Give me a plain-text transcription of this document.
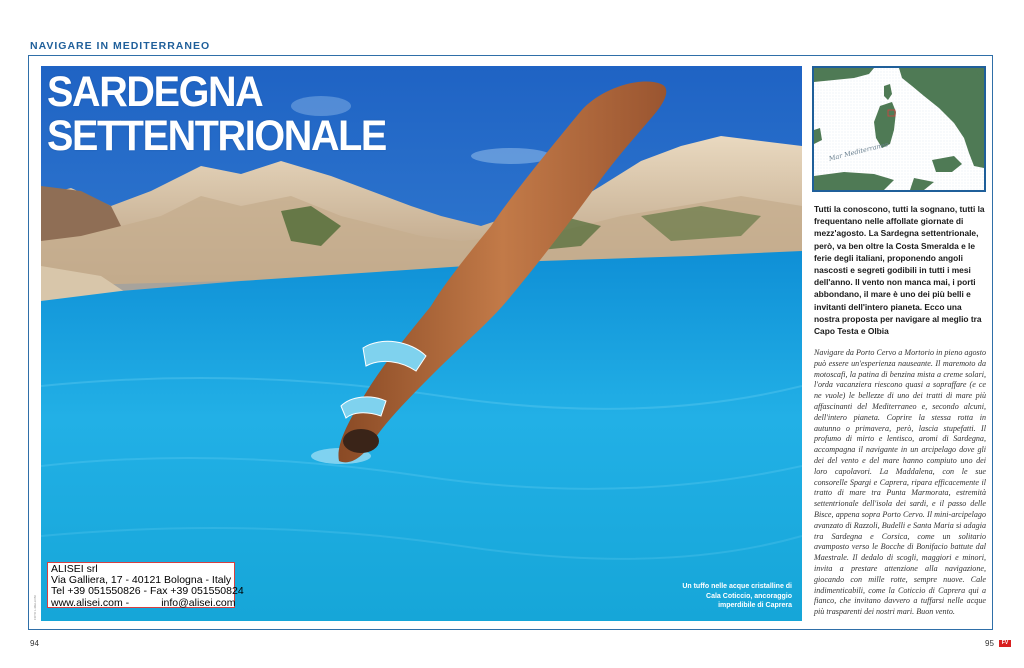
NAVIGARE IN MEDITERRANEO
SARDEGNA
SETTENTRIONALE
ALISEI srl
Via Galliera, 17 - 40121 Bologna - Italy
Tel +39 051550826 - Fax +39 051550824
www.alisei.com -	info@alisei.com
FOTO L.MELLONI
Un tuffo nelle acque cristalline di Cala Coticcio, ancoraggio imperdibile di Caprera
Mar Mediterraneo

Tutti la conoscono, tutti la sognano, tutti la frequentano nelle affollate giornate di mezz'agosto. La Sardegna settentrionale, però, va ben oltre la Costa Smeralda e le ferie degli italiani, proponendo angoli nascosti e segreti godibili in tutti i mesi dell'anno. Il vento non manca mai, i porti abbondano, il mare è uno dei più belli e invitanti dell'intero pianeta. Ecco una nostra proposta per navigare al meglio tra Capo Testa e Olbia

Navigare da Porto Cervo a Mortorio in pieno agosto può essere un'esperienza nauseante. Il maremoto da motoscafi, la patina di benzina mista a creme solari, l'orda vacanziera riescono quasi a sopraffare (e ce ne vuole) le bellezze di uno dei tratti di mare più affascinanti del Mediterraneo e, secondo alcuni, dell'intero pianeta. Coprire la stessa rotta in autunno o primavera, però, lascia stupefatti. Il profumo di mirto e lentisco, aromi di Sardegna, accompagna il navigante in un arcipelago dove gli dei del vento e del mare hanno compiuto uno dei loro capolavori. La Maddalena, con le sue consorelle Spargi e Caprera, ripara efficacemente il tratto di mare tra Punta Marmorata, estremità settentrionale dell'isola dei sardi, e il passo delle Bisce, appena sopra Porto Cervo. Il mini-arcipelago avanzato di Razzoli, Budelli e Santa Maria si adagia tra Sardegna e Corsica, come un solitario avamposto verso le Bocche di Bonifacio battute dal Maestrale. Il dedalo di scogli, maggiori e minori, invita a prestare attenzione alla navigazione, giocando con mille rotte, sempre nuove. Cale indimenticabili, come la Coticcio di Caprera qui a fianco, che invitano davvero a tuffarsi nelle acque più trasparenti dei nostri mari. Buon vento.

94	95	FV
